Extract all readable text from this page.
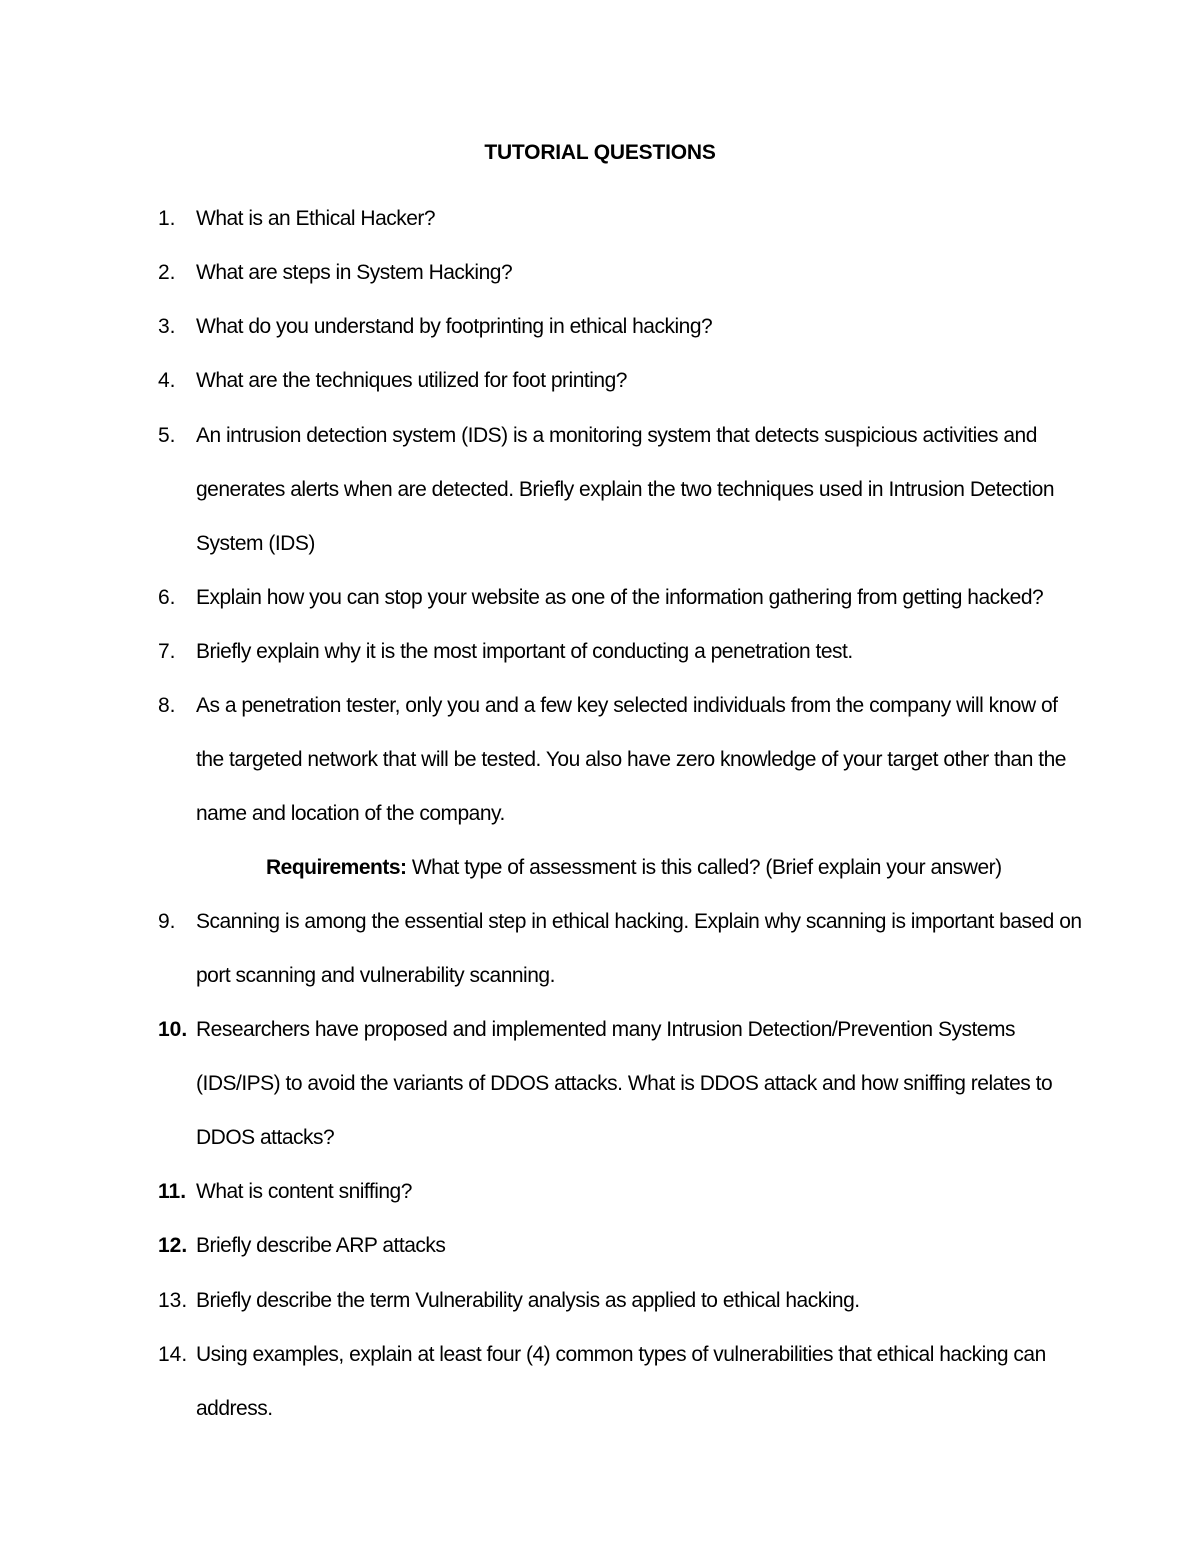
TUTORIAL QUESTIONS
1. What is an Ethical Hacker?
2. What are steps in System Hacking?
3. What do you understand by footprinting in ethical hacking?
4. What are the techniques utilized for foot printing?
5. An intrusion detection system (IDS) is a monitoring system that detects suspicious activities and
generates alerts when are detected. Briefly explain the two techniques used in Intrusion Detection
System (IDS)
6. Explain how you can stop your website as one of the information gathering from getting hacked?
7. Briefly explain why it is the most important of conducting a penetration test.
8. As a penetration tester, only you and a few key selected individuals from the company will know of
the targeted network that will be tested. You also have zero knowledge of your target other than the
name and location of the company.
Requirements: What type of assessment is this called? (Brief explain your answer)
9. Scanning is among the essential step in ethical hacking. Explain why scanning is important based on
port scanning and vulnerability scanning.
10. Researchers have proposed and implemented many Intrusion Detection/Prevention Systems
(IDS/IPS) to avoid the variants of DDOS attacks. What is DDOS attack and how sniffing relates to
DDOS attacks?
11. What is content sniffing?
12. Briefly describe ARP attacks
13. Briefly describe the term Vulnerability analysis as applied to ethical hacking.
14. Using examples, explain at least four (4) common types of vulnerabilities that ethical hacking can
address.
